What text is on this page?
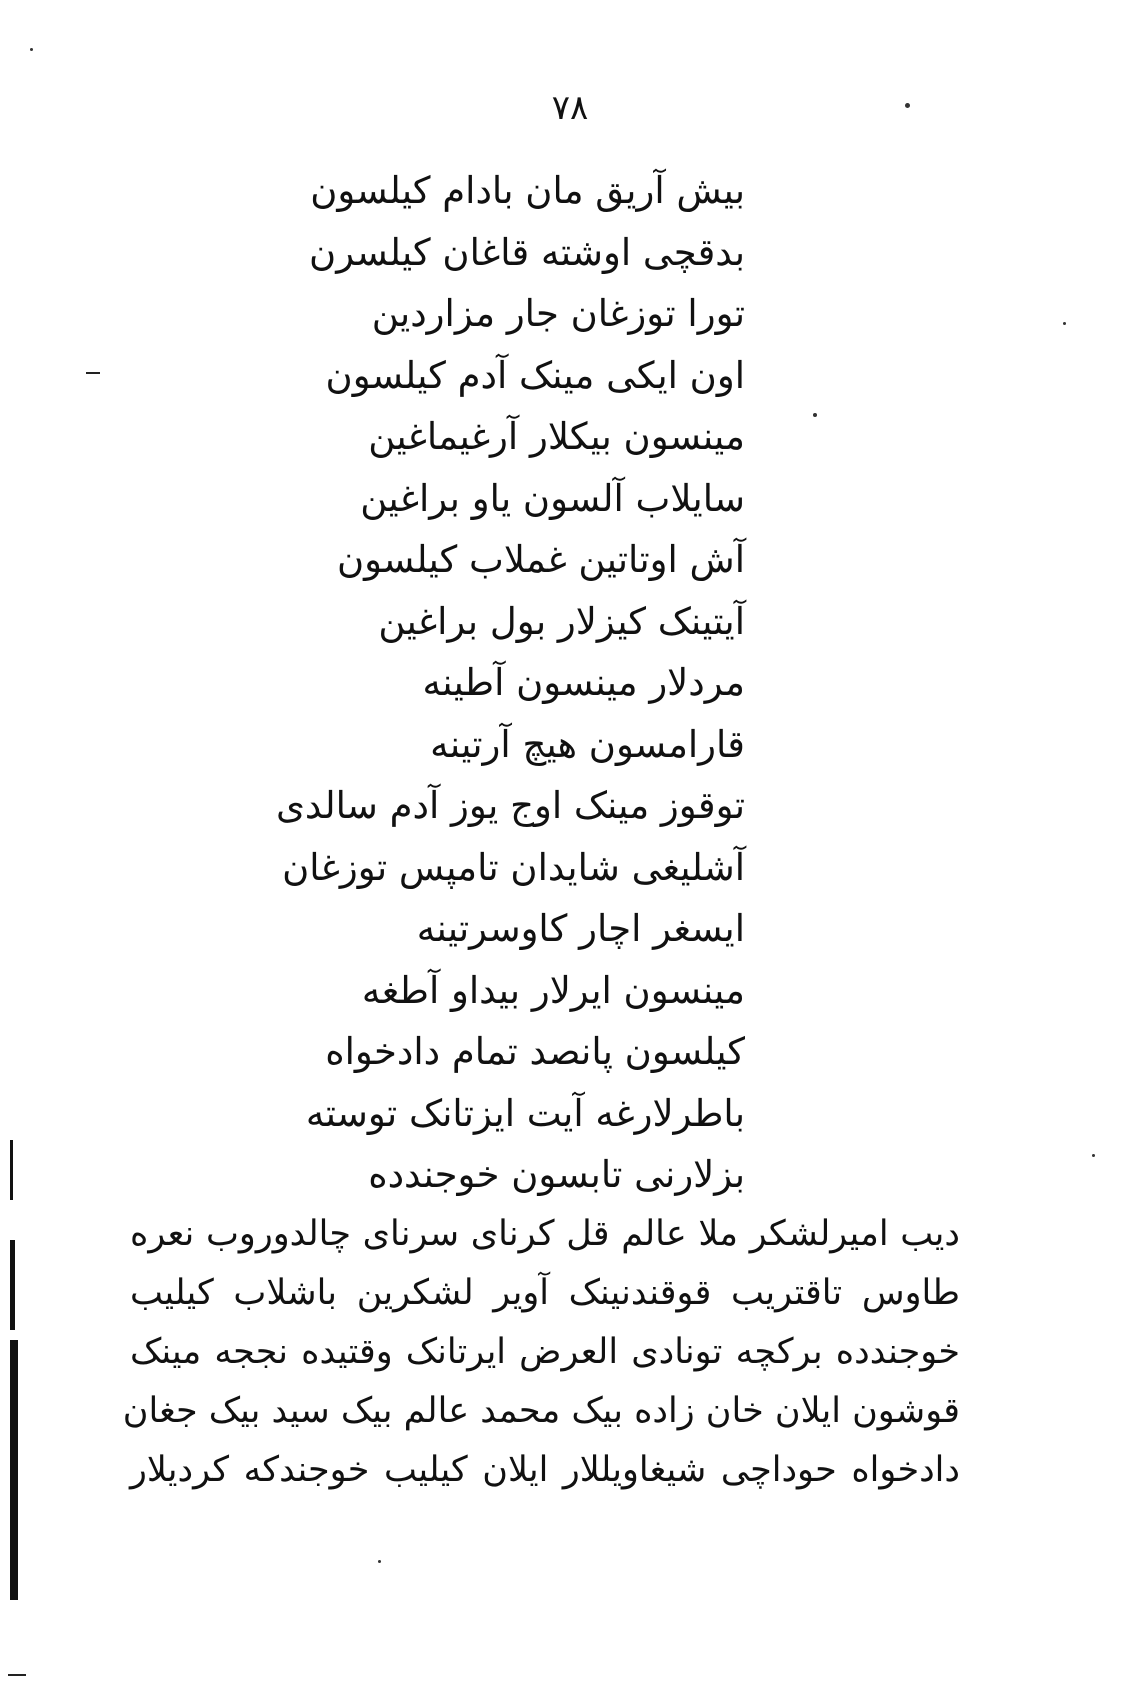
۷۸
بیش آریق مان بادام کیلسون
بدقچی اوشته قاغان کیلسرن
تورا توزغان جار مزاردین
اون ایکی مینک آدم کیلسون
مینسون بیکلار آرغیماغین
سایلاب آلسون یاو براغین
آش اوتاتین غملاب کیلسون
آیتینک کیزلار بول براغین
مردلار مینسون آطینه
قارامسون هیچ آرتینه
توقوز مینک اوج یوز آدم سالدی
آشلیغی شایدان تامپس توزغان
ایسغر اچار کاوسرتینه
مینسون ایرلار بیداو آطغه
کیلسون پانصد تمام دادخواه
باطرلارغه آیت ایزتانک توسته
بزلارنی تابسون خوجندده
دیب امیرلشکر ملا عالم قل کرنای سرنای چالدوروب نعره
طاوس تاقتریب قوقندنینک آویر لشکرین باشلاب کیلیب
خوجندده برکچه تونادی العرض ایرتانک وقتیده نججه مینک
قوشون ایلان خان زاده بیک محمد عالم بیک سید بیک جغان
دادخواه حوداچی شیغاویللار ایلان کیلیب خوجندکه کردیلار
